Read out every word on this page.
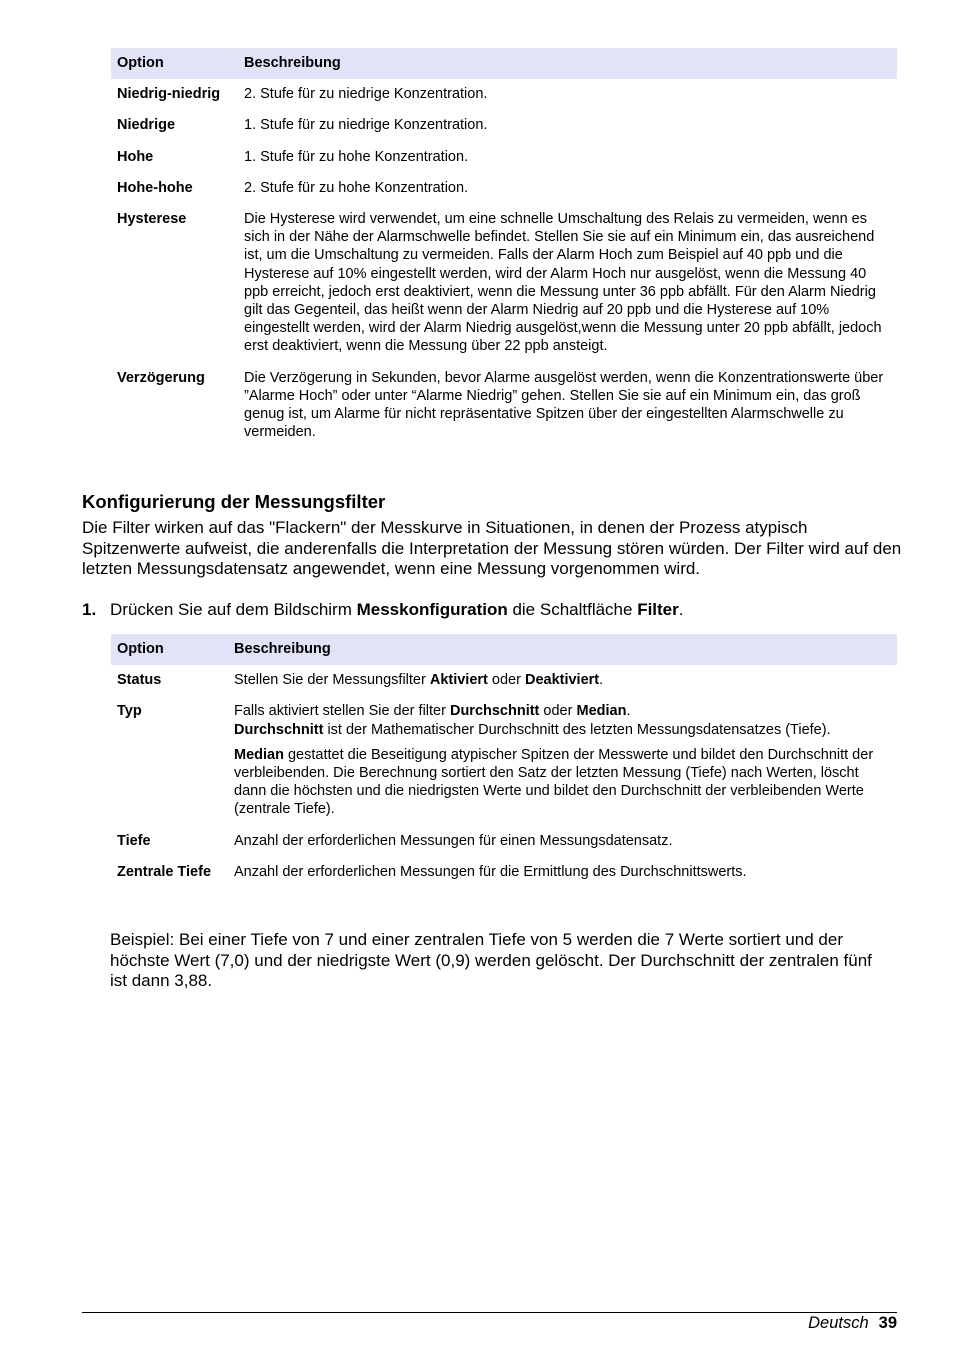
Option	Beschreibung
Niedrig-niedrig	2. Stufe für zu niedrige Konzentration.
Niedrige	1. Stufe für zu niedrige Konzentration.
Hohe	1. Stufe für zu hohe Konzentration.
Hohe-hohe	2. Stufe für zu hohe Konzentration.
Hysterese	Die Hysterese wird verwendet, um eine schnelle Umschaltung des Relais zu vermeiden, wenn es sich in der Nähe der Alarmschwelle befindet. Stellen Sie sie auf ein Minimum ein, das ausreichend ist, um die Umschaltung zu vermeiden. Falls der Alarm Hoch zum Beispiel auf 40 ppb und die Hysterese auf 10% eingestellt werden, wird der Alarm Hoch nur ausgelöst, wenn die Messung 40 ppb erreicht, jedoch erst deaktiviert, wenn die Messung unter 36 ppb abfällt. Für den Alarm Niedrig gilt das Gegenteil, das heißt wenn der Alarm Niedrig auf 20 ppb und die Hysterese auf 10% eingestellt werden, wird der Alarm Niedrig ausgelöst,wenn die Messung unter 20 ppb abfällt, jedoch erst deaktiviert, wenn die Messung über 22 ppb ansteigt.
Verzögerung	Die Verzögerung in Sekunden, bevor Alarme ausgelöst werden, wenn die Konzentrationswerte über ”Alarme Hoch” oder unter “Alarme Niedrig” gehen. Stellen Sie sie auf ein Minimum ein, das groß genug ist, um Alarme für nicht repräsentative Spitzen über der eingestellten Alarmschwelle zu vermeiden.
Konfigurierung der Messungsfilter

Die Filter wirken auf das "Flackern" der Messkurve in Situationen, in denen der Prozess atypisch Spitzenwerte aufweist, die anderenfalls die Interpretation der Messung stören würden. Der Filter wird auf den letzten Messungsdatensatz angewendet, wenn eine Messung vorgenommen wird.

1. Drücken Sie auf dem Bildschirm Messkonfiguration die Schaltfläche Filter.

Option	Beschreibung
Status	Stellen Sie der Messungsfilter Aktiviert oder Deaktiviert.
Typ	Falls aktiviert stellen Sie der filter Durchschnitt oder Median.
Durchschnitt ist der Mathematischer Durchschnitt des letzten Messungsdatensatzes (Tiefe).
Median gestattet die Beseitigung atypischer Spitzen der Messwerte und bildet den Durchschnitt der verbleibenden. Die Berechnung sortiert den Satz der letzten Messung (Tiefe) nach Werten, löscht dann die höchsten und die niedrigsten Werte und bildet den Durchschnitt der verbleibenden Werte (zentrale Tiefe).

Tiefe	Anzahl der erforderlichen Messungen für einen Messungsdatensatz.
Zentrale Tiefe	Anzahl der erforderlichen Messungen für die Ermittlung des Durchschnittswerts.

Beispiel: Bei einer Tiefe von 7 und einer zentralen Tiefe von 5 werden die 7 Werte sortiert und der höchste Wert (7,0) und der niedrigste Wert (0,9) werden gelöscht. Der Durchschnitt der zentralen fünf ist dann 3,88.

Deutsch 39
